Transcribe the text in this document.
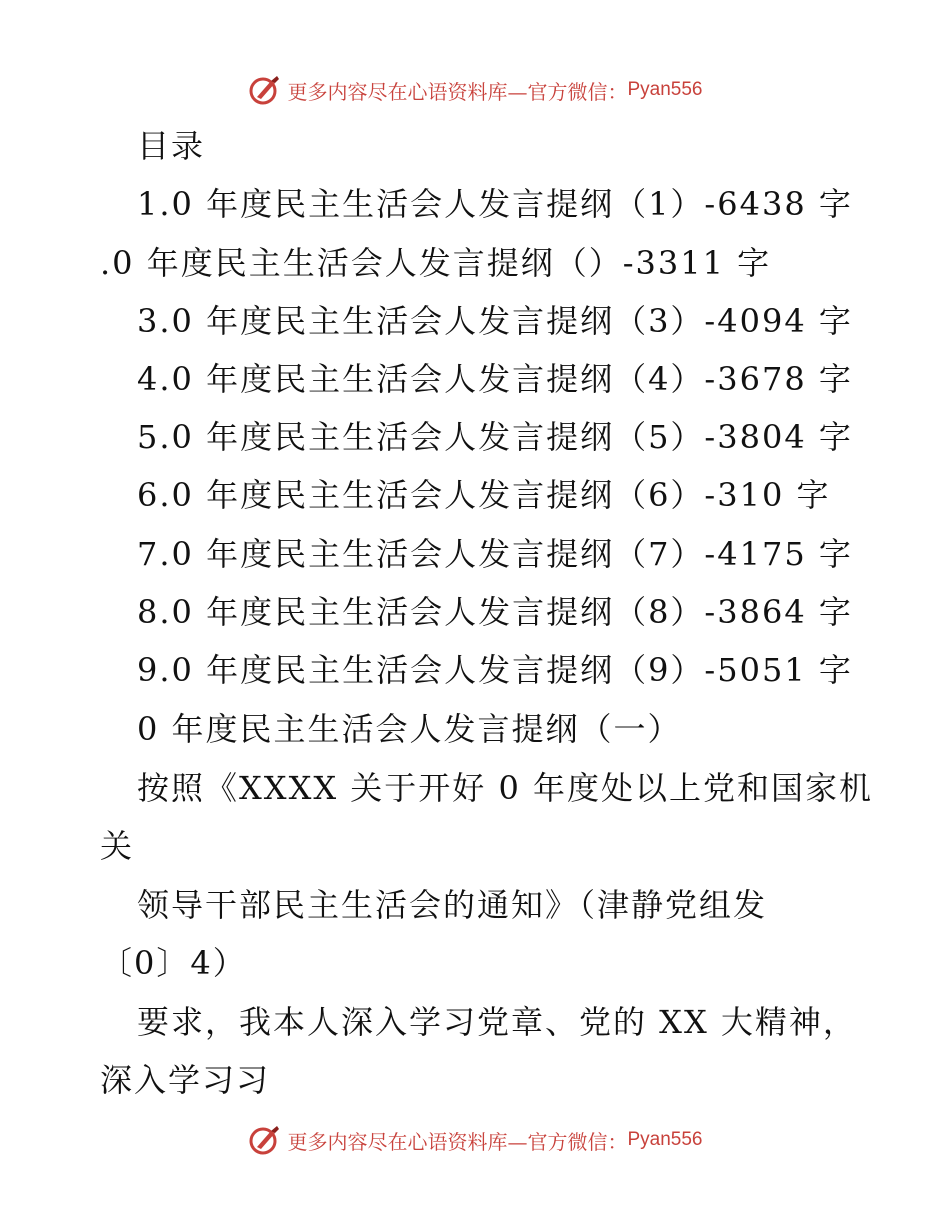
更多内容尽在心语资料库—官方微信： Pyan556
目录
1.0 年度民主生活会人发言提纲（1）-6438 字
.0 年度民主生活会人发言提纲（）-3311 字
3.0 年度民主生活会人发言提纲（3）-4094 字
4.0 年度民主生活会人发言提纲（4）-3678 字
5.0 年度民主生活会人发言提纲（5）-3804 字
6.0 年度民主生活会人发言提纲（6）-310 字
7.0 年度民主生活会人发言提纲（7）-4175 字
8.0 年度民主生活会人发言提纲（8）-3864 字
9.0 年度民主生活会人发言提纲（9）-5051 字
0 年度民主生活会人发言提纲（一）
按照《XXXX 关于开好 0 年度处以上党和国家机
关
领导干部民主生活会的通知》（津静党组发
〔0〕4）
要求，我本人深入学习党章、党的 XX 大精神，
深入学习习
更多内容尽在心语资料库—官方微信： Pyan556
